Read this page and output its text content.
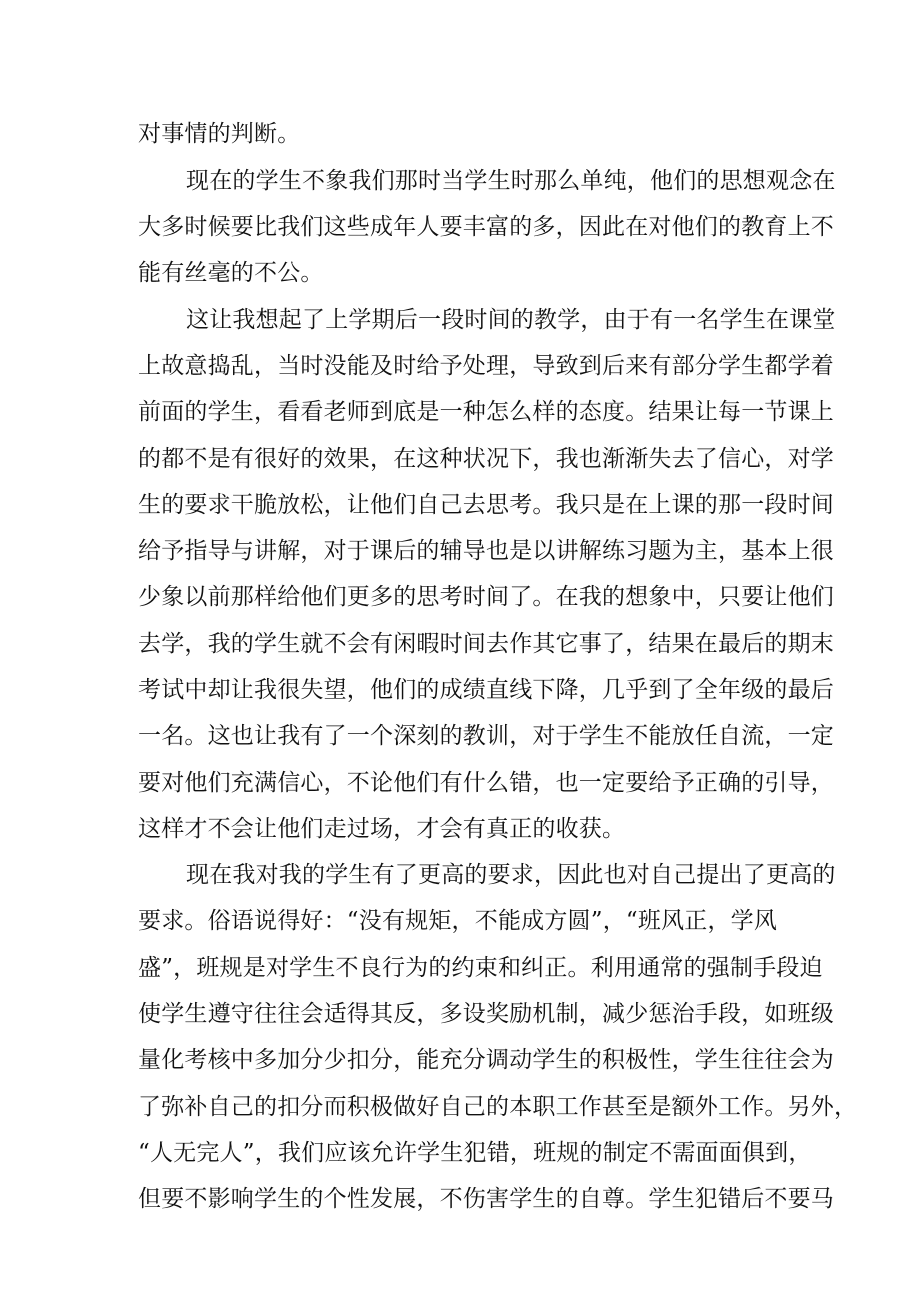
对事情的判断。
现在的学生不象我们那时当学生时那么单纯，他们的思想观念在
大多时候要比我们这些成年人要丰富的多，因此在对他们的教育上不
能有丝毫的不公。
这让我想起了上学期后一段时间的教学，由于有一名学生在课堂
上故意捣乱，当时没能及时给予处理，导致到后来有部分学生都学着
前面的学生，看看老师到底是一种怎么样的态度。结果让每一节课上
的都不是有很好的效果，在这种状况下，我也渐渐失去了信心，对学
生的要求干脆放松，让他们自己去思考。我只是在上课的那一段时间
给予指导与讲解，对于课后的辅导也是以讲解练习题为主，基本上很
少象以前那样给他们更多的思考时间了。在我的想象中，只要让他们
去学，我的学生就不会有闲暇时间去作其它事了，结果在最后的期末
考试中却让我很失望，他们的成绩直线下降，几乎到了全年级的最后
一名。这也让我有了一个深刻的教训，对于学生不能放任自流，一定
要对他们充满信心，不论他们有什么错，也一定要给予正确的引导，
这样才不会让他们走过场，才会有真正的收获。
现在我对我的学生有了更高的要求，因此也对自己提出了更高的
要求。俗语说得好：“没有规矩，不能成方圆”，“班风正，学风
盛”，班规是对学生不良行为的约束和纠正。利用通常的强制手段迫
使学生遵守往往会适得其反，多设奖励机制，减少惩治手段，如班级
量化考核中多加分少扣分，能充分调动学生的积极性，学生往往会为
了弥补自己的扣分而积极做好自己的本职工作甚至是额外工作。另外，
“人无完人”，我们应该允许学生犯错，班规的制定不需面面俱到，
但要不影响学生的个性发展，不伤害学生的自尊。学生犯错后不要马
